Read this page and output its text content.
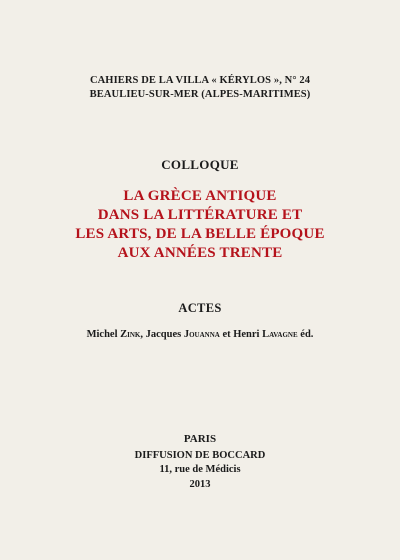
CAHIERS DE LA VILLA « KÉRYLOS », N° 24
BEAULIEU-SUR-MER (ALPES-MARITIMES)
COLLOQUE
LA GRÈCE ANTIQUE
DANS LA LITTÉRATURE ET
LES ARTS, DE LA BELLE ÉPOQUE
AUX ANNÉES TRENTE
ACTES
Michel Zink, Jacques Jouanna et Henri Lavagne éd.
PARIS
DIFFUSION DE BOCCARD
11, rue de Médicis
2013
